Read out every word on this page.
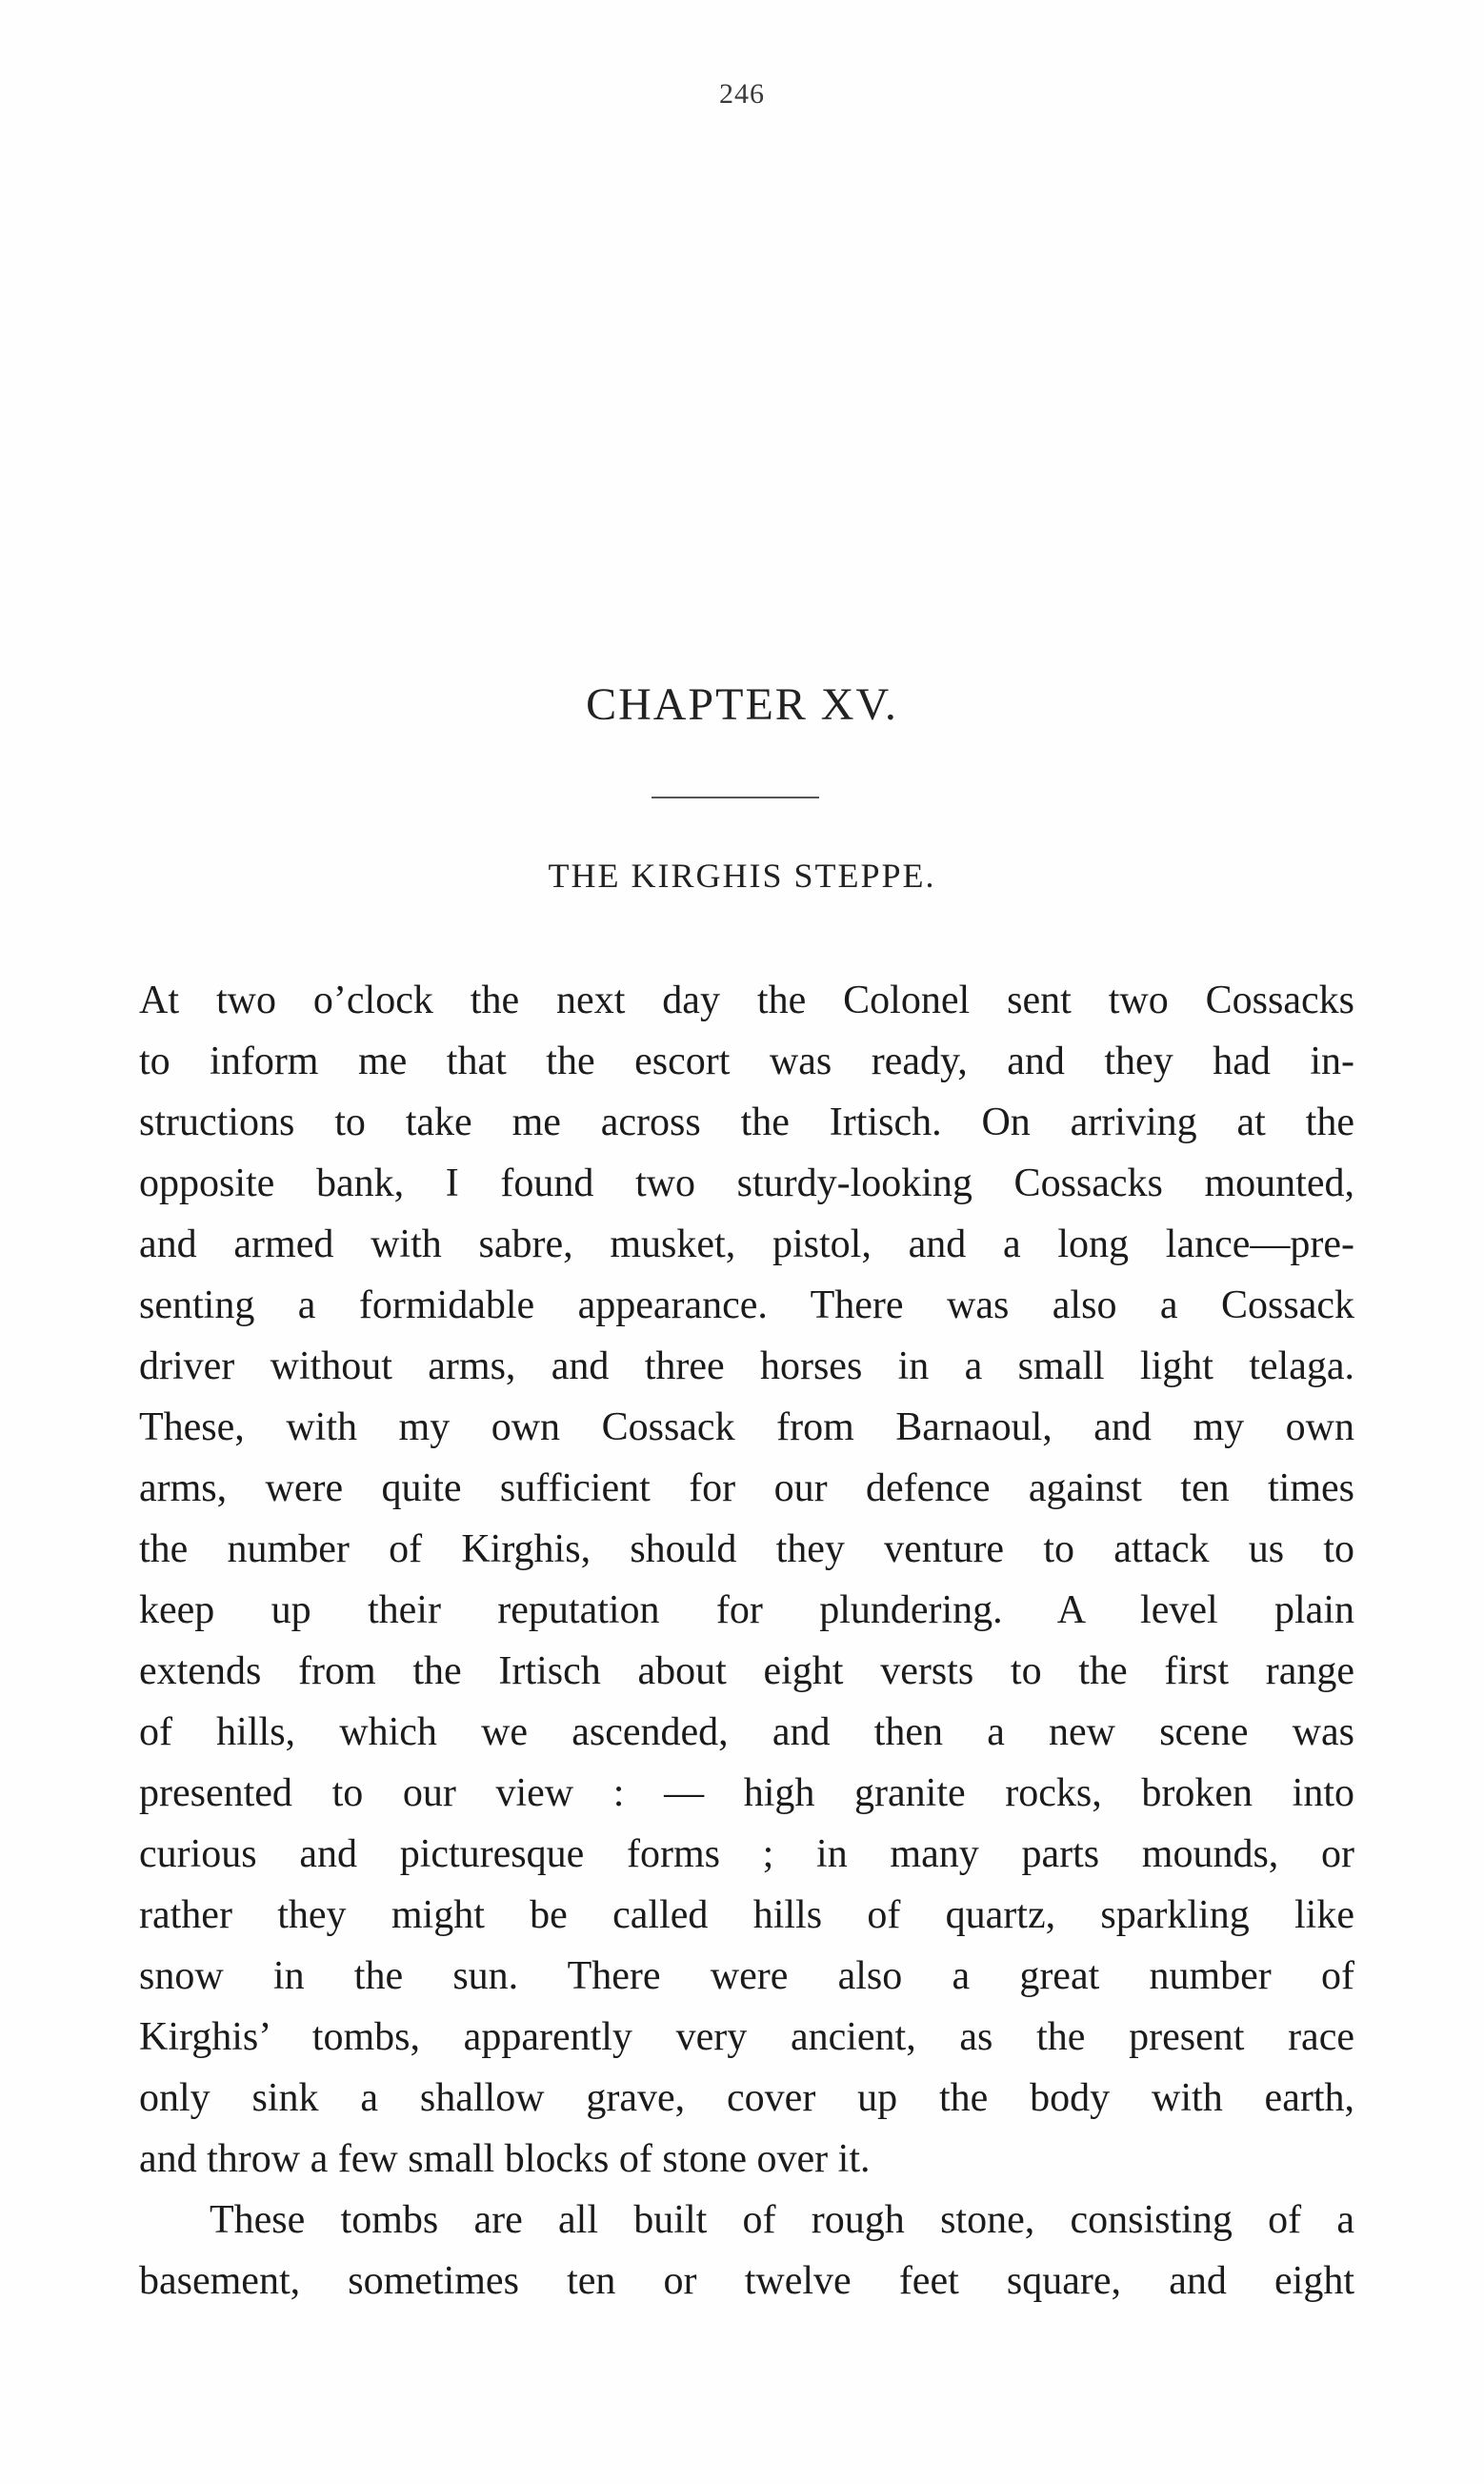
246
CHAPTER XV.
THE KIRGHIS STEPPE.
At two o’clock the next day the Colonel sent two Cossacks
to inform me that the escort was ready, and they had in-
structions to take me across the Irtisch. On arriving at the
opposite bank, I found two sturdy-looking Cossacks mounted,
and armed with sabre, musket, pistol, and a long lance—pre-
senting a formidable appearance. There was also a Cossack
driver without arms, and three horses in a small light telaga.
These, with my own Cossack from Barnaoul, and my own
arms, were quite sufficient for our defence against ten times
the number of Kirghis, should they venture to attack us to
keep up their reputation for plundering. A level plain
extends from the Irtisch about eight versts to the first range
of hills, which we ascended, and then a new scene was
presented to our view : — high granite rocks, broken into
curious and picturesque forms ; in many parts mounds, or
rather they might be called hills of quartz, sparkling like
snow in the sun. There were also a great number of
Kirghis’ tombs, apparently very ancient, as the present race
only sink a shallow grave, cover up the body with earth,
and throw a few small blocks of stone over it.
These tombs are all built of rough stone, consisting of a
basement, sometimes ten or twelve feet square, and eight
